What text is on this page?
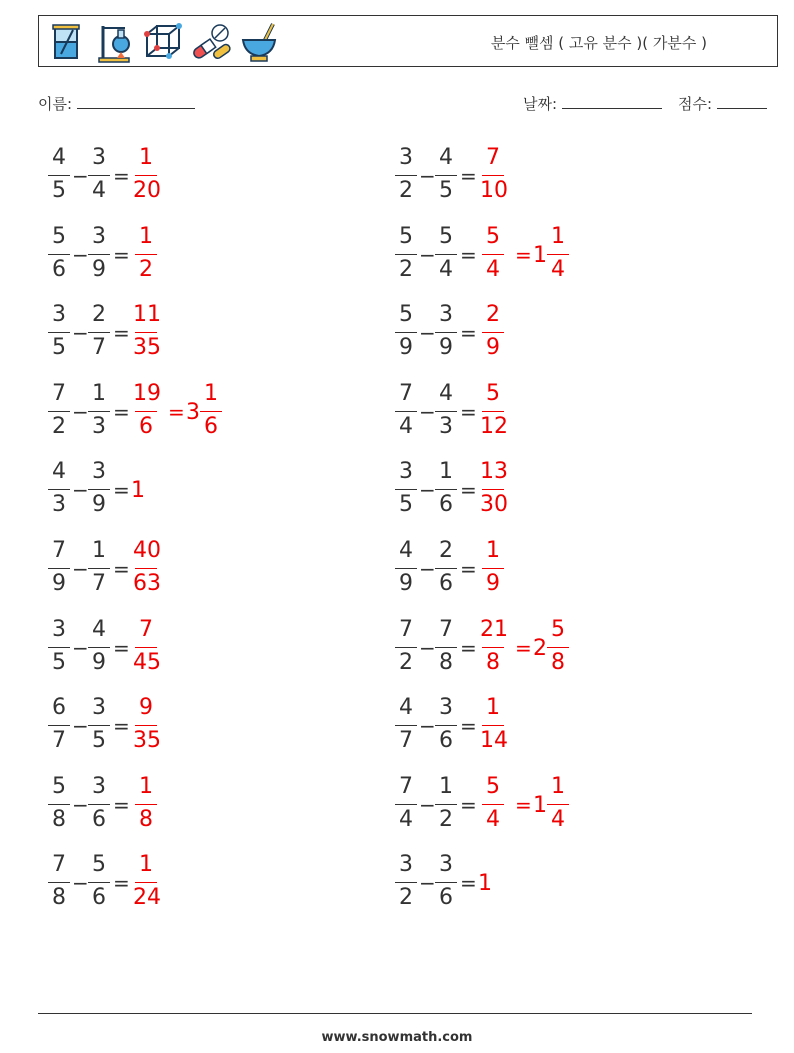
분수 뺄셈 ( 고유 분수 )( 가분수 )
이름:	날짜:	점수:
4
5
−
3
4
=
1
20
5
6
−
3
9
=
1
2
3
5
−
2
7
=
11
35
7
2
−
1
3
=
19
6
= 3
1
6
4
3
−
3
9
= 1
7
9
−
1
7
=
40
63
3
5
−
4
9
=
7
45
6
7
−
3
5
=
9
35
5
8
−
3
6
=
1
8
7
8
−
5
6
=
1
24
3
2
−
4
5
=
7
10
5
2
−
5
4
=
5
4
= 1
1
4
5
9
−
3
9
=
2
9
7
4
−
4
3
=
5
12
3
5
−
1
6
=
13
30
4
9
−
2
6
=
1
9
7
2
−
7
8
=
21
8
= 2
5
8
4
7
−
3
6
=
1
14
7
4
−
1
2
=
5
4
= 1
1
4
3
2
−
3
6
= 1
www.snowmath.com
